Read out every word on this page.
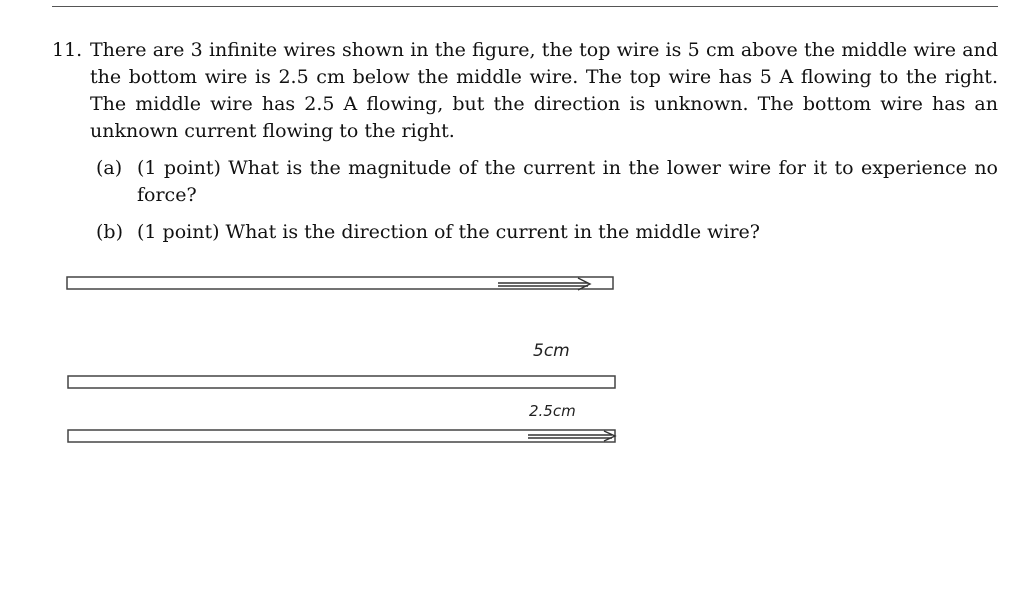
11. There are 3 infinite wires shown in the figure, the top wire is 5 cm above the middle wire and the bottom wire is 2.5 cm below the middle wire. The top wire has 5 A flowing to the right. The middle wire has 2.5 A flowing, but the direction is unknown. The bottom wire has an unknown current flowing to the right.
(a) (1 point) What is the magnitude of the current in the lower wire for it to experience no force?
(b) (1 point) What is the direction of the current in the middle wire?
5cm
2.5cm
